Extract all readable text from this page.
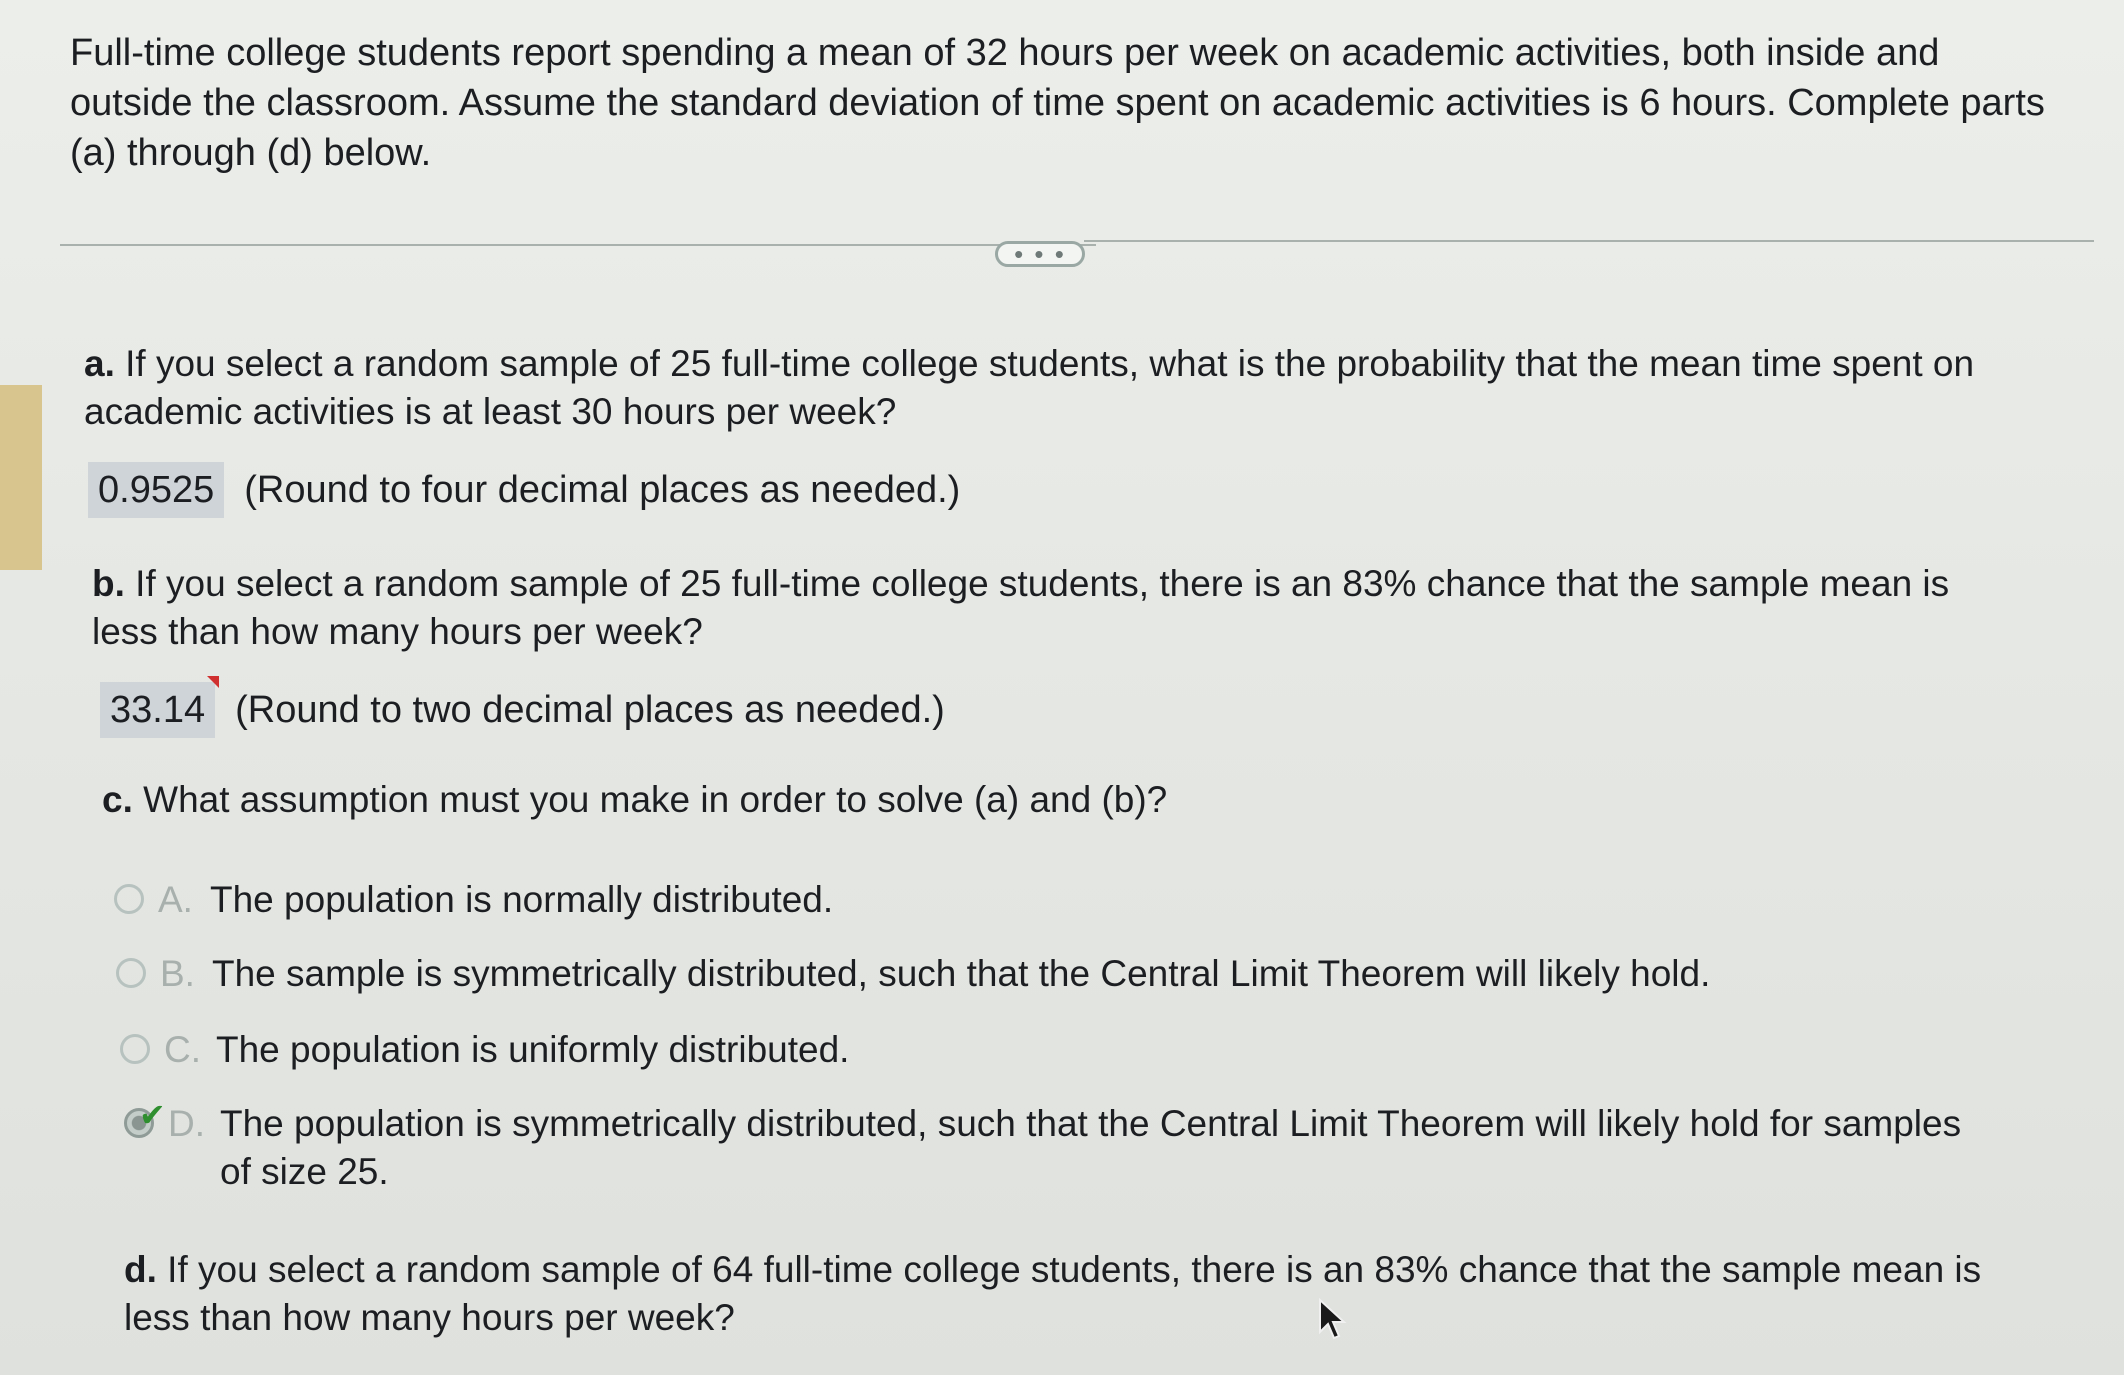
Full-time college students report spending a mean of 32 hours per week on academic activities, both inside and outside the classroom. Assume the standard deviation of time spent on academic activities is 6 hours. Complete parts (a) through (d) below.
• • •
a. If you select a random sample of 25 full-time college students, what is the probability that the mean time spent on academic activities is at least 30 hours per week?
0.9525 (Round to four decimal places as needed.)
b. If you select a random sample of 25 full-time college students, there is an 83% chance that the sample mean is less than how many hours per week?
33.14 (Round to two decimal places as needed.)
c. What assumption must you make in order to solve (a) and (b)?
A. The population is normally distributed.
B. The sample is symmetrically distributed, such that the Central Limit Theorem will likely hold.
C. The population is uniformly distributed.
✔ D. The population is symmetrically distributed, such that the Central Limit Theorem will likely hold for samples of size 25.
d. If you select a random sample of 64 full-time college students, there is an 83% chance that the sample mean is less than how many hours per week?
